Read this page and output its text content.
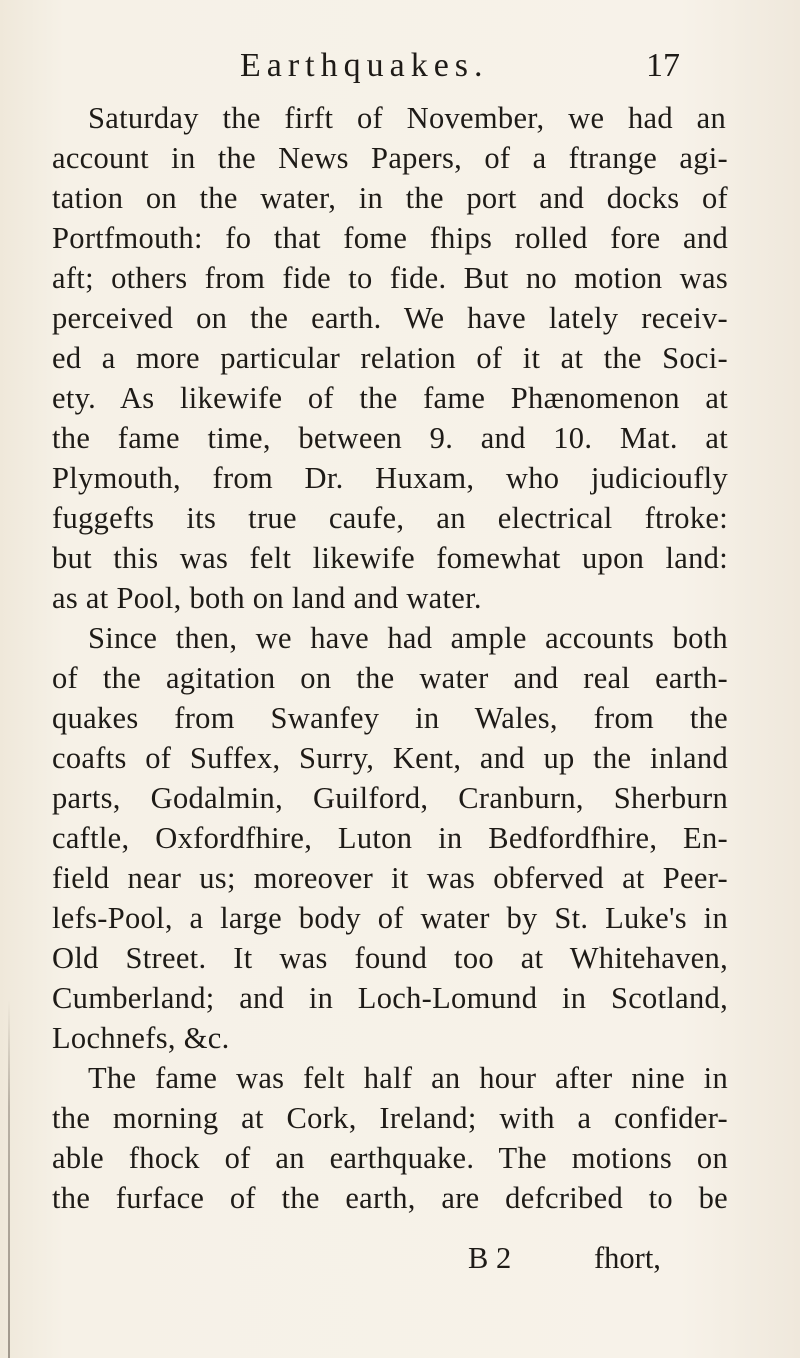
Earthquakes.	17
Saturday the firft of November, we had an
account in the News Papers, of a ftrange agi-
tation on the water, in the port and docks of
Portfmouth: fo that fome fhips rolled fore and
aft; others from fide to fide. But no motion was
perceived on the earth. We have lately receiv-
ed a more particular relation of it at the Soci-
ety. As likewife of the fame Phænomenon at
the fame time, between 9. and 10. Mat. at
Plymouth, from Dr. Huxam, who judicioufly
fuggefts its true caufe, an electrical ftroke:
but this was felt likewife fomewhat upon land:
as at Pool, both on land and water.
Since then, we have had ample accounts both
of the agitation on the water and real earth-
quakes from Swanfey in Wales, from the
coafts of Suffex, Surry, Kent, and up the inland
parts, Godalmin, Guilford, Cranburn, Sherburn
caftle, Oxfordfhire, Luton in Bedfordfhire, En-
field near us; moreover it was obferved at Peer-
lefs-Pool, a large body of water by St. Luke's in
Old Street. It was found too at Whitehaven,
Cumberland; and in Loch-Lomund in Scotland,
Lochnefs, &c.
The fame was felt half an hour after nine in
the morning at Cork, Ireland; with a confider-
able fhock of an earthquake. The motions on
the furface of the earth, are defcribed to be
B 2	fhort,
